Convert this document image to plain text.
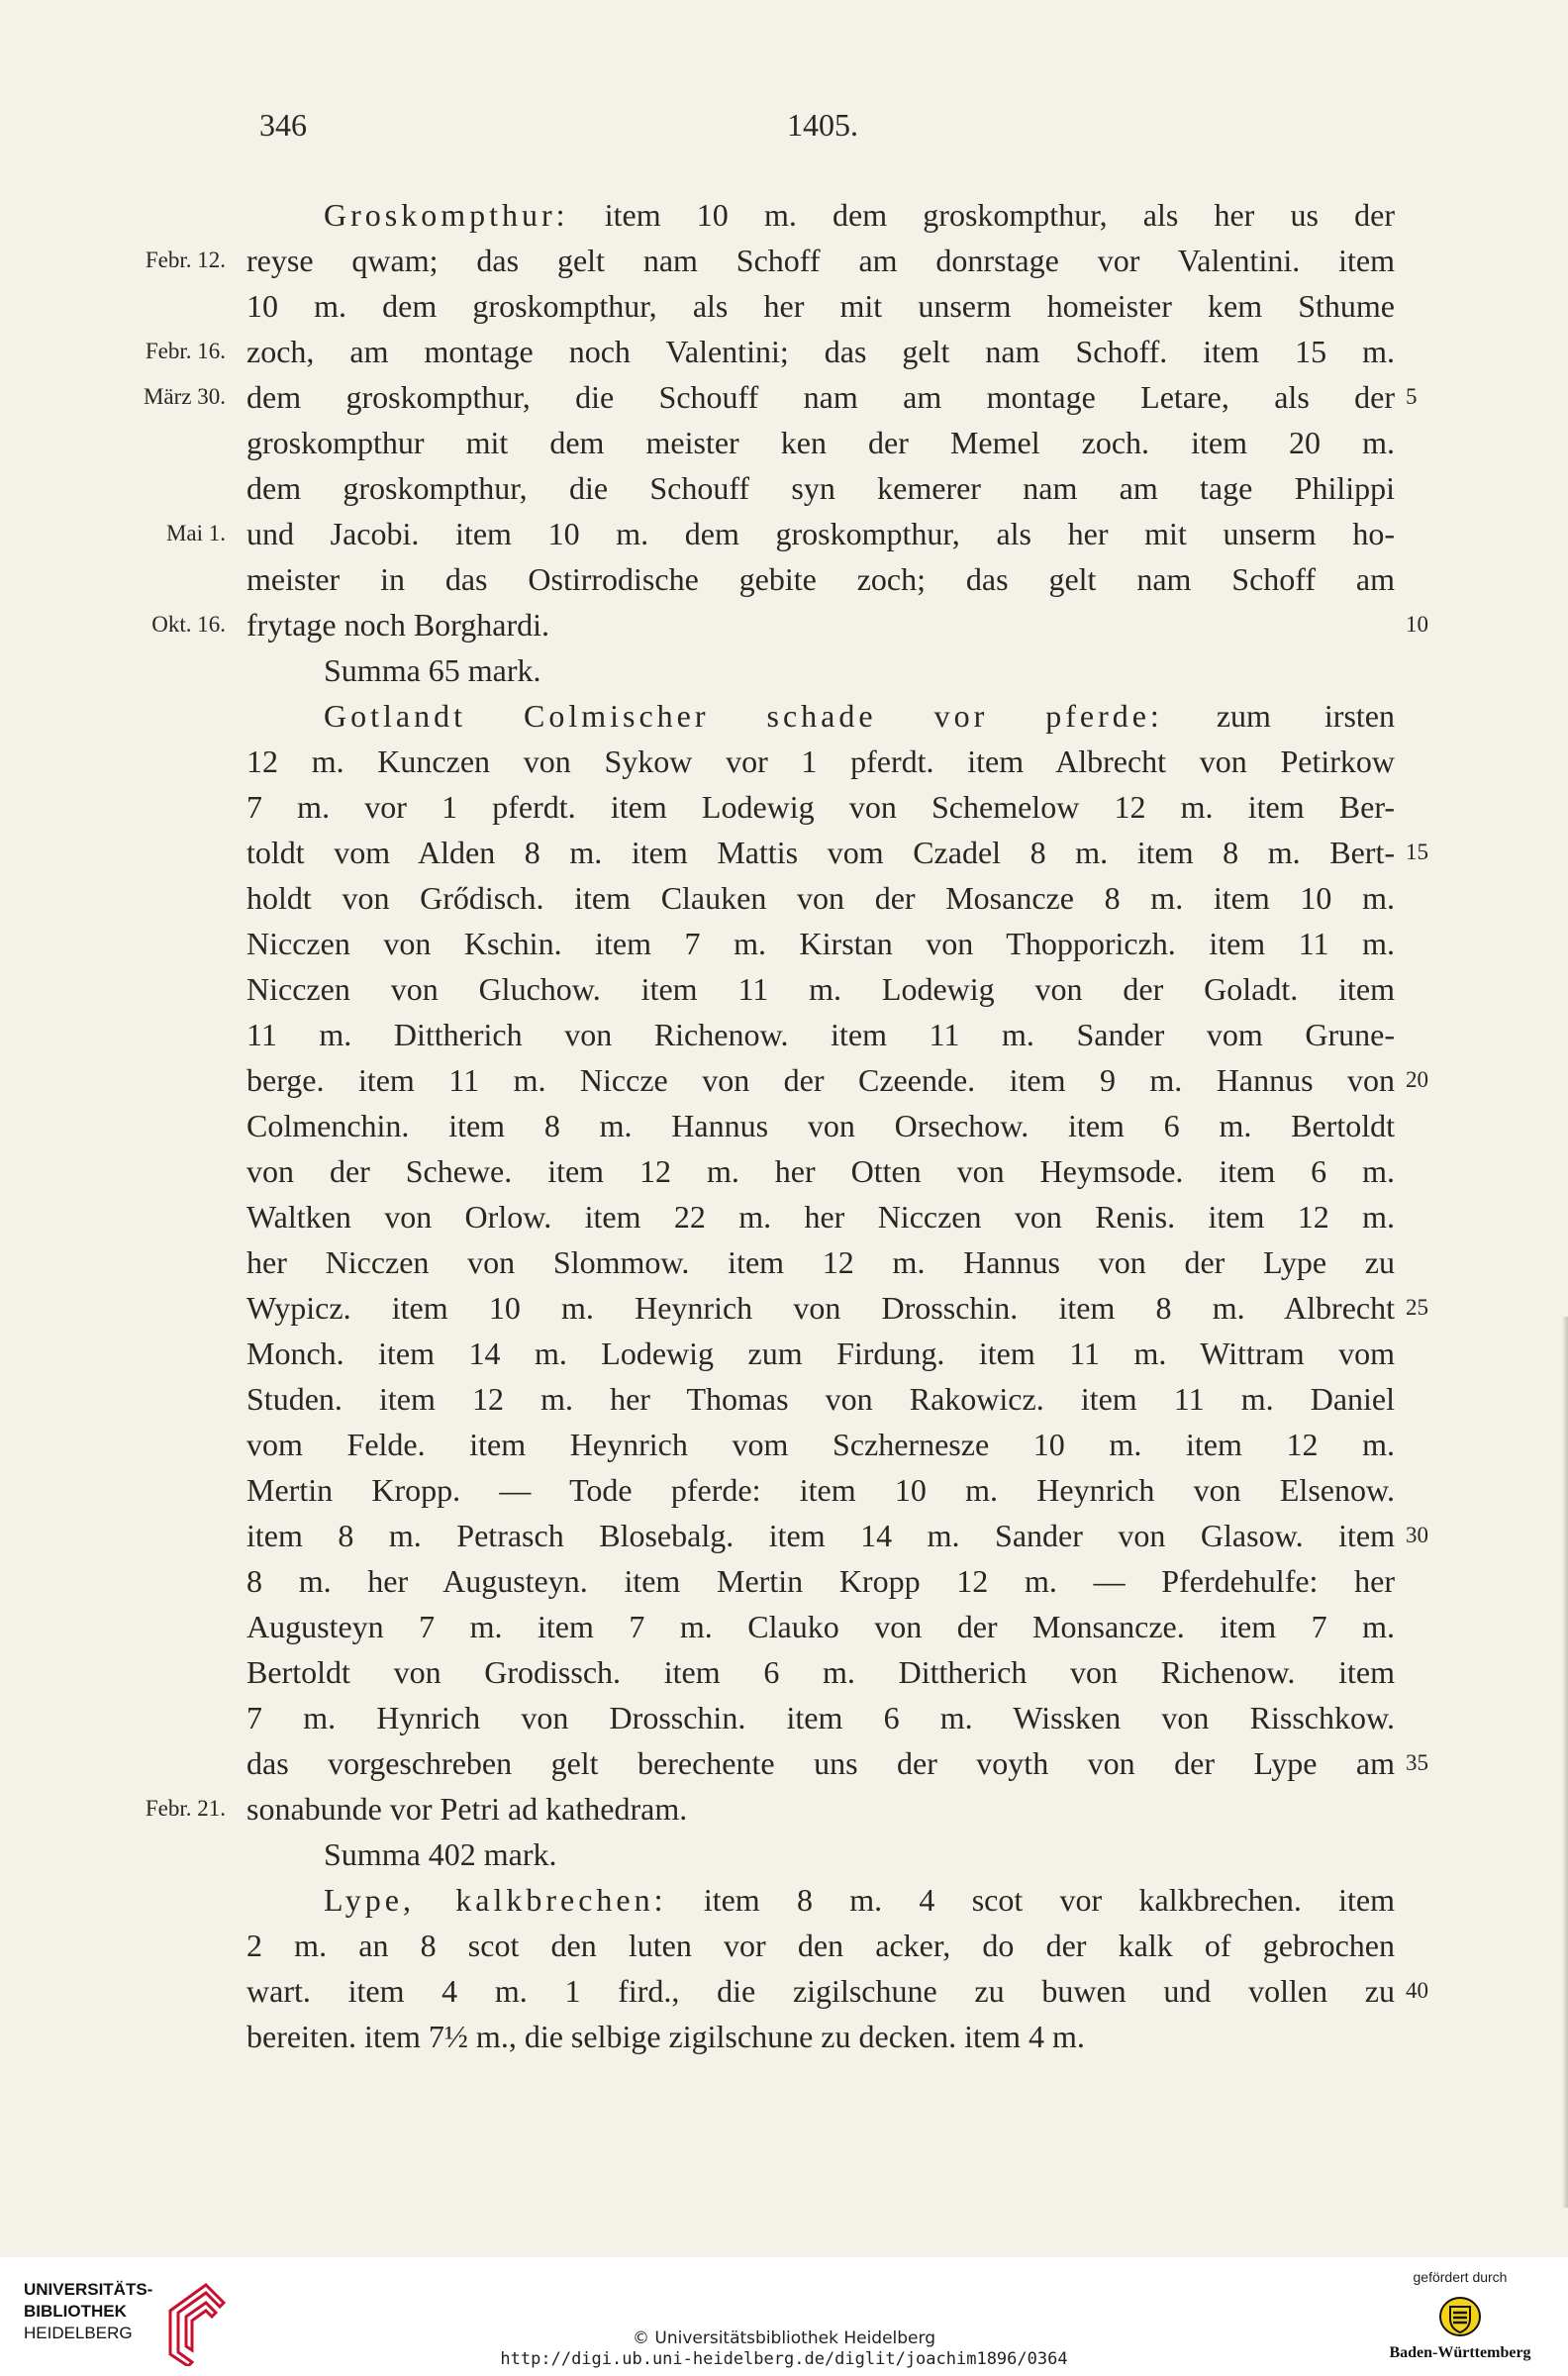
346	1405.
Groskompthur: item 10 m. dem groskompthur, als her us der
Febr. 12. reyse qwam; das gelt nam Schoff am donrstage vor Valentini. item
10 m. dem groskompthur, als her mit unserm homeister kem Sthume
Febr. 16. zoch, am montage noch Valentini; das gelt nam Schoff. item 15 m.
März 30. dem groskompthur, die Schouff nam am montage Letare, als der 5
groskompthur mit dem meister ken der Memel zoch. item 20 m.
dem groskompthur, die Schouff syn kemerer nam am tage Philippi
Mai 1. und Jacobi. item 10 m. dem groskompthur, als her mit unserm ho-
meister in das Ostirrodische gebite zoch; das gelt nam Schoff am
Okt. 16. frytage noch Borghardi.	10
Summa 65 mark.
Gotlandt Colmischer schade vor pferde: zum irsten
12 m. Kunczen von Sykow vor 1 pferdt. item Albrecht von Petirkow
7 m. vor 1 pferdt. item Lodewig von Schemelow 12 m. item Ber-
toldt vom Alden 8 m. item Mattis vom Czadel 8 m. item 8 m. Bert- 15
holdt von Grődisch. item Clauken von der Mosancze 8 m. item 10 m.
Nicczen von Kschin. item 7 m. Kirstan von Thopporiczh. item 11 m.
Nicczen von Gluchow. item 11 m. Lodewig von der Goladt. item
11 m. Dittherich von Richenow. item 11 m. Sander vom Grune-
berge. item 11 m. Niccze von der Czeende. item 9 m. Hannus von 20
Colmenchin. item 8 m. Hannus von Orsechow. item 6 m. Bertoldt
von der Schewe. item 12 m. her Otten von Heymsode. item 6 m.
Waltken von Orlow. item 22 m. her Nicczen von Renis. item 12 m.
her Nicczen von Slommow. item 12 m. Hannus von der Lype zu
Wypicz. item 10 m. Heynrich von Drosschin. item 8 m. Albrecht 25
Monch. item 14 m. Lodewig zum Firdung. item 11 m. Wittram vom
Studen. item 12 m. her Thomas von Rakowicz. item 11 m. Daniel
vom Felde. item Heynrich vom Sczhernesze 10 m. item 12 m.
Mertin Kropp. — Tode pferde: item 10 m. Heynrich von Elsenow.
item 8 m. Petrasch Blosebalg. item 14 m. Sander von Glasow. item 30
8 m. her Augusteyn. item Mertin Kropp 12 m. — Pferdehulfe: her
Augusteyn 7 m. item 7 m. Clauko von der Monsancze. item 7 m.
Bertoldt von Grodissch. item 6 m. Dittherich von Richenow. item
7 m. Hynrich von Drosschin. item 6 m. Wissken von Risschkow.
das vorgeschreben gelt berechente uns der voyth von der Lype am 35
Febr. 21. sonabunde vor Petri ad kathedram.
Summa 402 mark.
Lype, kalkbrechen: item 8 m. 4 scot vor kalkbrechen. item
2 m. an 8 scot den luten vor den acker, do der kalk of gebrochen
wart. item 4 m. 1 fird., die zigilschune zu buwen und vollen zu 40
bereiten. item 7½ m., die selbige zigilschune zu decken. item 4 m.
UNIVERSITÄTS-
BIBLIOTHEK
HEIDELBERG	© Universitätsbibliothek Heidelberg
http://digi.ub.uni-heidelberg.de/diglit/joachim1896/0364
gefördert durch
Baden-Württemberg
